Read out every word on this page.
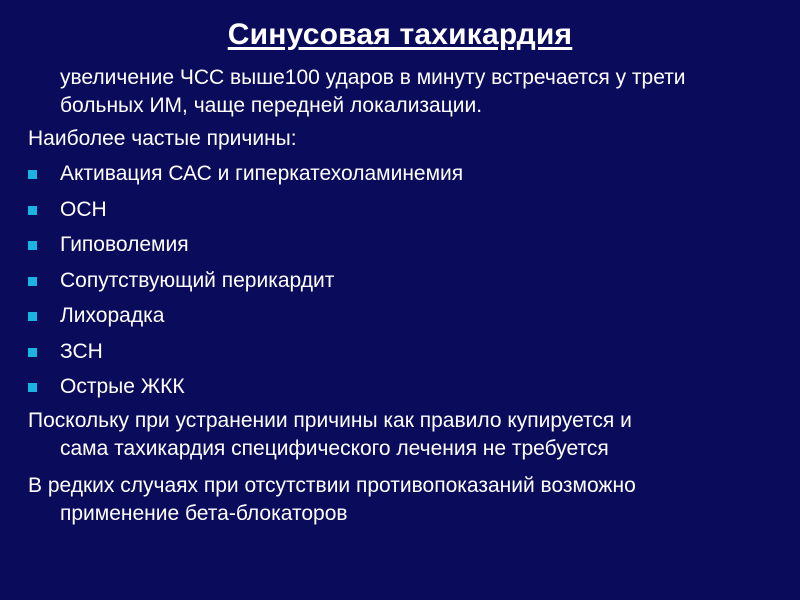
Синусовая тахикардия
увеличение ЧСС выше100 ударов в минуту встречается у трети
больных ИМ, чаще передней локализации.
Наиболее частые причины:
Активация САС и гиперкатехоламинемия
ОСН
Гиповолемия
Сопутствующий перикардит
Лихорадка
ЗСН
Острые ЖКК
Поскольку при устранении причины как правило купируется и
сама тахикардия специфического лечения не требуется
В редких случаях при отсутствии противопоказаний возможно
применение бета-блокаторов
